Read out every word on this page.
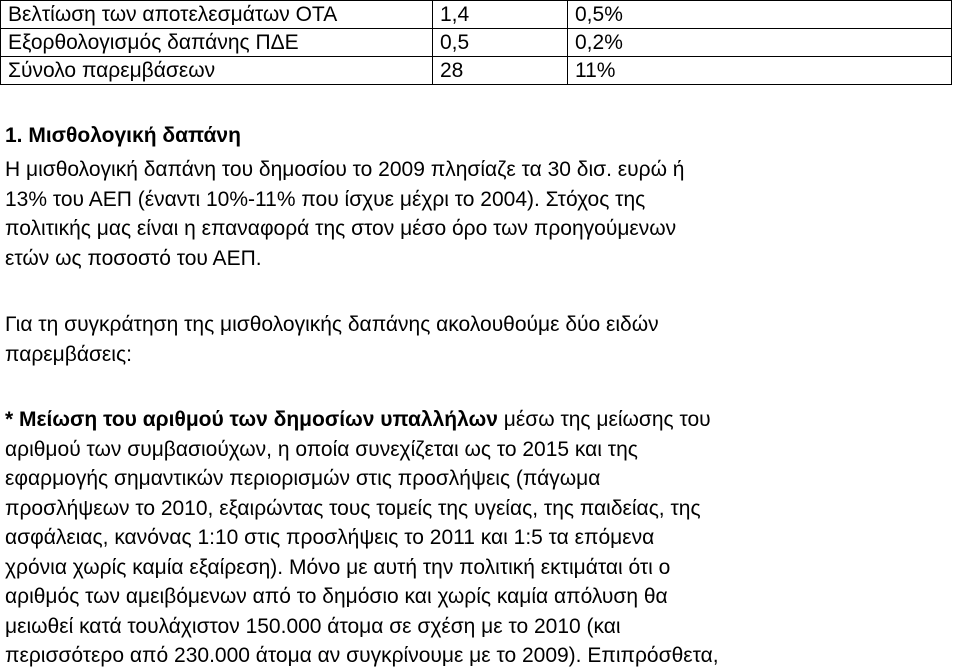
Βελτίωση των αποτελεσμάτων ΟΤΑ	1,4	0,5%
Εξορθολογισμός δαπάνης ΠΔΕ	0,5	0,2%
Σύνολο παρεμβάσεων	28	11%
1. Μισθολογική δαπάνη

Η μισθολογική δαπάνη του δημοσίου το 2009 πλησίαζε τα 30 δισ. ευρώ ή
13% του ΑΕΠ (έναντι 10%-11% που ίσχυε μέχρι το 2004). Στόχος της
πολιτικής μας είναι η επαναφορά της στον μέσο όρο των προηγούμενων
ετών ως ποσοστό του ΑΕΠ.

Για τη συγκράτηση της μισθολογικής δαπάνης ακολουθούμε δύο ειδών
παρεμβάσεις:

* Μείωση του αριθμού των δημοσίων υπαλλήλων μέσω της μείωσης του
αριθμού των συμβασιούχων, η οποία συνεχίζεται ως το 2015 και της
εφαρμογής σημαντικών περιορισμών στις προσλήψεις (πάγωμα
προσλήψεων το 2010, εξαιρώντας τους τομείς της υγείας, της παιδείας, της
ασφάλειας, κανόνας 1:10 στις προσλήψεις το 2011 και 1:5 τα επόμενα
χρόνια χωρίς καμία εξαίρεση). Μόνο με αυτή την πολιτική εκτιμάται ότι ο
αριθμός των αμειβόμενων από το δημόσιο και χωρίς καμία απόλυση θα
μειωθεί κατά τουλάχιστον 150.000 άτομα σε σχέση με το 2010 (και
περισσότερο από 230.000 άτομα αν συγκρίνουμε με το 2009). Επιπρόσθετα,
